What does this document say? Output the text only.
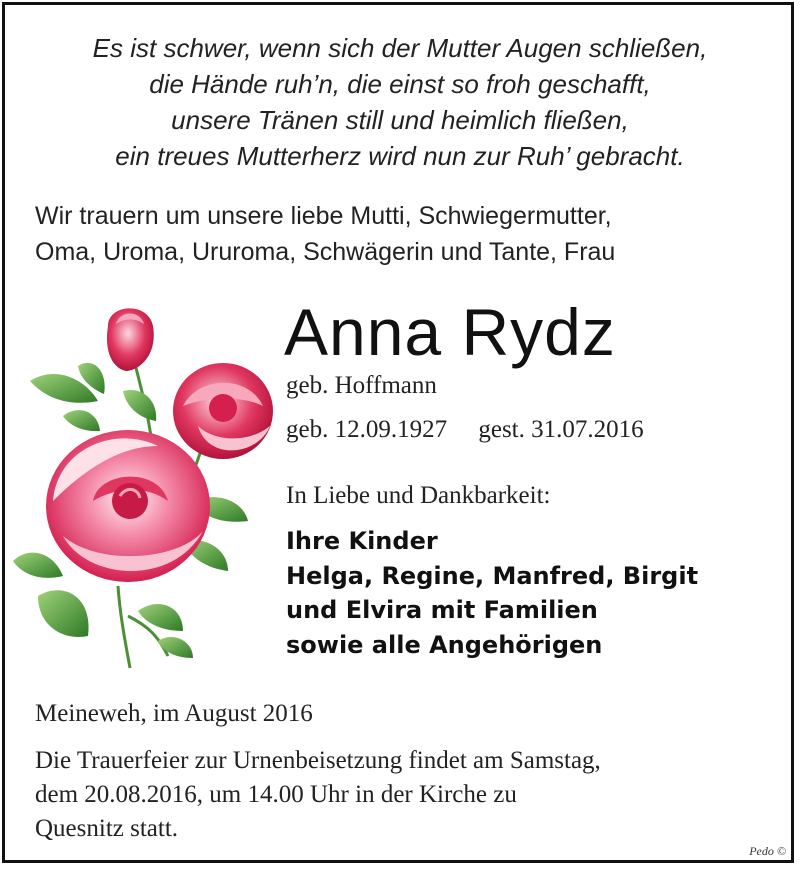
Es ist schwer, wenn sich der Mutter Augen schließen,
die Hände ruh’n, die einst so froh geschafft,
unsere Tränen still und heimlich fließen,
ein treues Mutterherz wird nun zur Ruh’ gebracht.
Wir trauern um unsere liebe Mutti, Schwiegermutter,
Oma, Uroma, Ururoma, Schwägerin und Tante, Frau
Anna Rydz
geb. Hoffmann
geb. 12.09.1927     gest. 31.07.2016
In Liebe und Dankbarkeit:
Ihre Kinder
Helga, Regine, Manfred, Birgit
und Elvira mit Familien
sowie alle Angehörigen
Meineweh, im August 2016
Die Trauerfeier zur Urnenbeisetzung findet am Samstag,
dem 20.08.2016, um 14.00 Uhr in der Kirche zu
Quesnitz statt.
Pedo ©
